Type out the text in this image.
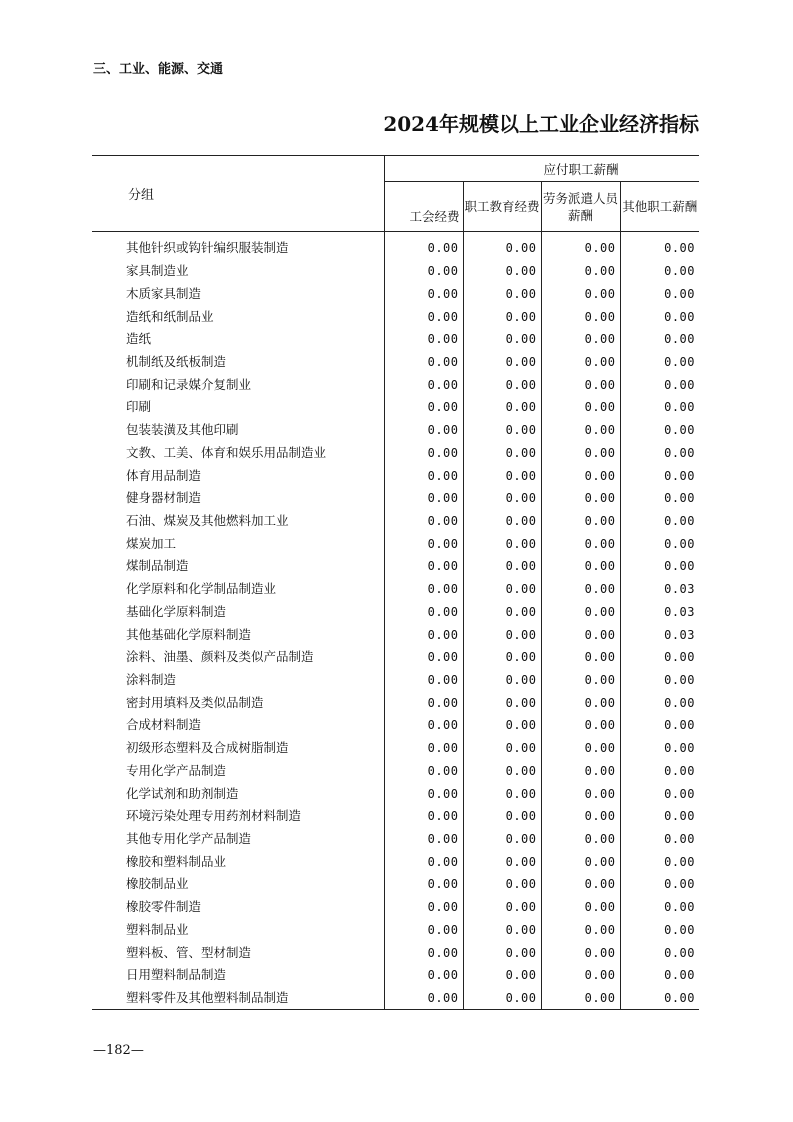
三、工业、能源、交通
2024年规模以上工业企业经济指标
分组		应付职工薪酬		
	工会经费	职工教育经费	劳务派遣人员薪酬	其他职工薪酬
其他针织或钩针编织服装制造	0.00	0.00	0.00	0.00
家具制造业	0.00	0.00	0.00	0.00
木质家具制造	0.00	0.00	0.00	0.00
造纸和纸制品业	0.00	0.00	0.00	0.00
造纸	0.00	0.00	0.00	0.00
机制纸及纸板制造	0.00	0.00	0.00	0.00
印刷和记录媒介复制业	0.00	0.00	0.00	0.00
印刷	0.00	0.00	0.00	0.00
包装装潢及其他印刷	0.00	0.00	0.00	0.00
文教、工美、体育和娱乐用品制造业	0.00	0.00	0.00	0.00
体育用品制造	0.00	0.00	0.00	0.00
健身器材制造	0.00	0.00	0.00	0.00
石油、煤炭及其他燃料加工业	0.00	0.00	0.00	0.00
煤炭加工	0.00	0.00	0.00	0.00
煤制品制造	0.00	0.00	0.00	0.00
化学原料和化学制品制造业	0.00	0.00	0.00	0.03
基础化学原料制造	0.00	0.00	0.00	0.03
其他基础化学原料制造	0.00	0.00	0.00	0.03
涂料、油墨、颜料及类似产品制造	0.00	0.00	0.00	0.00
涂料制造	0.00	0.00	0.00	0.00
密封用填料及类似品制造	0.00	0.00	0.00	0.00
合成材料制造	0.00	0.00	0.00	0.00
初级形态塑料及合成树脂制造	0.00	0.00	0.00	0.00
专用化学产品制造	0.00	0.00	0.00	0.00
化学试剂和助剂制造	0.00	0.00	0.00	0.00
环境污染处理专用药剂材料制造	0.00	0.00	0.00	0.00
其他专用化学产品制造	0.00	0.00	0.00	0.00
橡胶和塑料制品业	0.00	0.00	0.00	0.00
橡胶制品业	0.00	0.00	0.00	0.00
橡胶零件制造	0.00	0.00	0.00	0.00
塑料制品业	0.00	0.00	0.00	0.00
塑料板、管、型材制造	0.00	0.00	0.00	0.00
日用塑料制品制造	0.00	0.00	0.00	0.00
塑料零件及其他塑料制品制造	0.00	0.00	0.00	0.00
—182—
